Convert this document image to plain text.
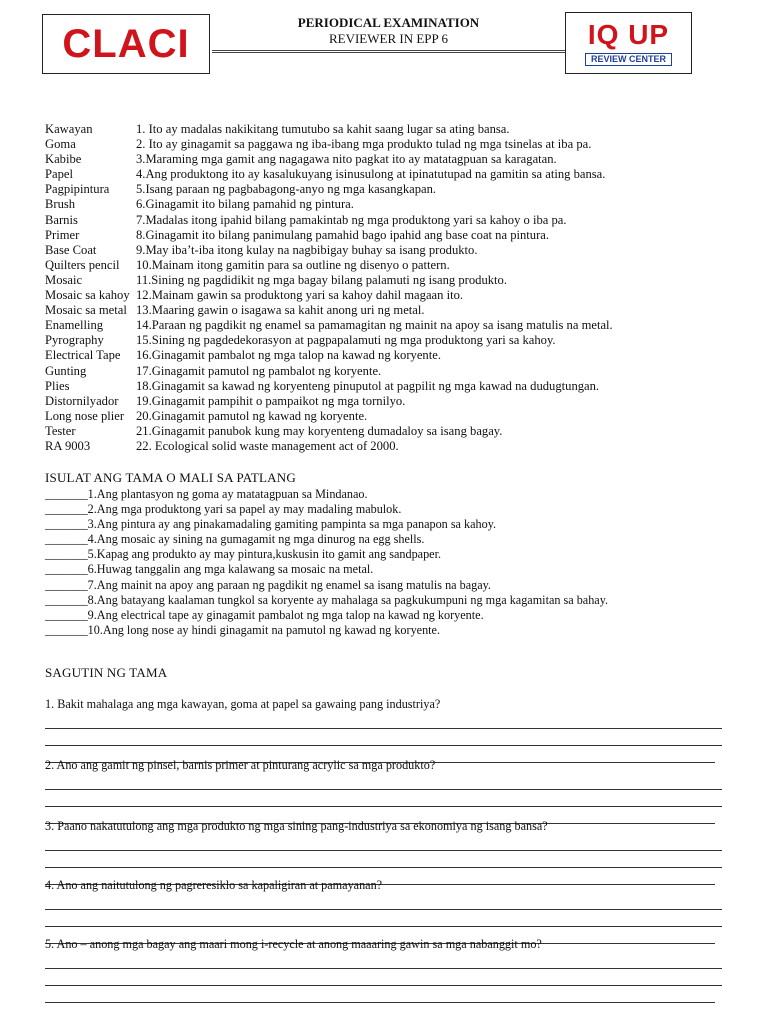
CLACI	IQ UP
REVIEW CENTER
PERIODICAL EXAMINATION
REVIEWER IN EPP 6
1. Ito ay madalas nakikitang tumutubo sa kahit saang lugar sa ating bansa.
Kawayan
2. Ito ay ginagamit sa paggawa ng iba-ibang mga produkto tulad ng mga tsinelas at iba pa.
Goma
3.Maraming mga gamit ang nagagawa nito pagkat ito ay matatagpuan sa karagatan.
Kabibe
4.Ang produktong ito ay kasalukuyang isinusulong at ipinatutupad na gamitin sa ating bansa.
Papel
5.Isang paraan ng pagbabagong-anyo ng mga kasangkapan.
Pagpipintura
6.Ginagamit ito bilang pamahid ng pintura.
Brush
7.Madalas itong ipahid bilang pamakintab ng mga produktong yari sa kahoy o iba pa.
Barnis
8.Ginagamit ito bilang panimulang pamahid bago ipahid ang base coat na pintura.
Primer
9.May iba’t-iba itong kulay na nagbibigay buhay sa isang produkto.
Base Coat
10.Mainam itong gamitin para sa outline ng disenyo o pattern.
Quilters pencil
11.Sining ng pagdidikit ng mga bagay bilang palamuti ng isang produkto.
Mosaic
12.Mainam gawin sa produktong yari sa kahoy dahil magaan ito.
Mosaic sa kahoy
13.Maaring gawin o isagawa sa kahit anong uri ng metal.
Mosaic sa metal
14.Paraan ng pagdikit ng enamel sa pamamagitan ng mainit na apoy sa isang matulis na metal.
Enamelling
15.Sining ng pagdedekorasyon at pagpapalamuti ng mga produktong yari sa kahoy.
Pyrography
16.Ginagamit pambalot ng mga talop na kawad ng koryente.
Electrical Tape
17.Ginagamit pamutol ng pambalot ng koryente.
Gunting
18.Ginagamit sa kawad ng koryenteng pinuputol at pagpilit ng mga kawad na dudugtungan.
Plies
19.Ginagamit pampihit o pampaikot ng mga tornilyo.
Distornilyador
20.Ginagamit pamutol ng kawad ng koryente.
Long nose plier
21.Ginagamit panubok kung may koryenteng dumadaloy sa isang bagay.
Tester
22. Ecological solid waste management act of 2000.
RA 9003
ISULAT ANG TAMA O MALI SA PATLANG
_______1.Ang plantasyon ng goma ay matatagpuan sa Mindanao.
_______2.Ang mga produktong yari sa papel ay may madaling mabulok.
_______3.Ang pintura ay ang pinakamadaling gamiting pampinta sa mga panapon sa kahoy.
_______4.Ang mosaic ay sining na gumagamit ng mga dinurog na egg shells.
_______5.Kapag ang produkto ay may pintura,kuskusin ito gamit ang sandpaper.
_______6.Huwag tanggalin ang mga kalawang sa mosaic na metal.
_______7.Ang mainit na apoy ang paraan ng pagdikit ng enamel sa isang matulis na bagay.
_______8.Ang batayang kaalaman tungkol sa koryente ay mahalaga sa pagkukumpuni ng mga kagamitan sa bahay.
_______9.Ang electrical tape ay ginagamit pambalot ng mga talop na kawad ng koryente.
_______10.Ang long nose ay hindi ginagamit na pamutol ng kawad ng koryente.
SAGUTIN NG TAMA
1. Bakit mahalaga ang mga kawayan, goma at papel sa gawaing pang industriya?
2. Ano ang gamit ng pinsel, barnis primer at pinturang acrylic sa mga produkto?
3. Paano nakatutulong ang mga produkto ng mga sining pang-industriya sa ekonomiya ng isang bansa?
4. Ano ang naitutulong ng pagreresiklo sa kapaligiran at pamayanan?
5. Ano – anong mga bagay ang maari mong i-recycle at anong maaaring gawin sa mga nabanggit mo?
